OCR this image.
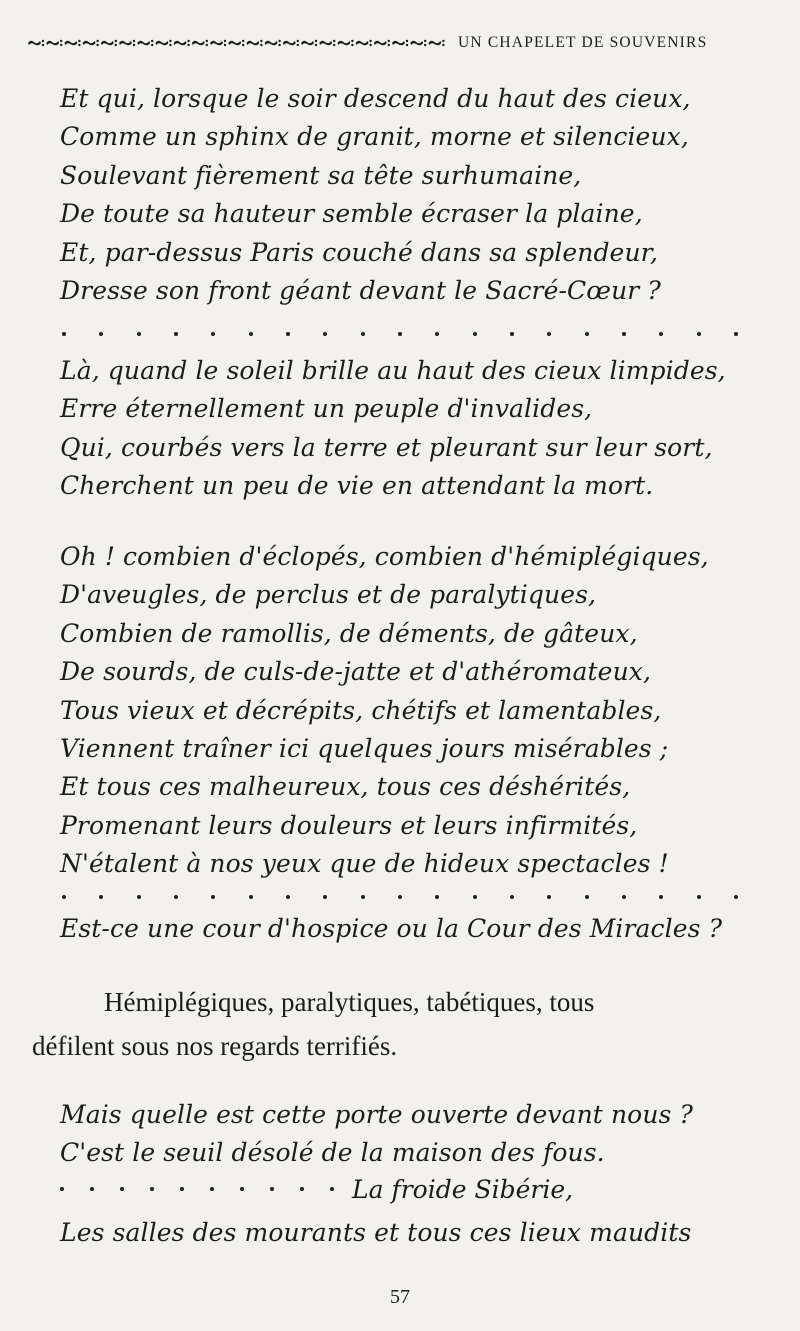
UN CHAPELET DE SOUVENIRS
Et qui, lorsque le soir descend du haut des cieux,
Comme un sphinx de granit, morne et silencieux,
Soulevant fièrement sa tête surhumaine,
De toute sa hauteur semble écraser la plaine,
Et, par-dessus Paris couché dans sa splendeur,
Dresse son front géant devant le Sacré-Cœur ?
Là, quand le soleil brille au haut des cieux limpides,
Erre éternellement un peuple d'invalides,
Qui, courbés vers la terre et pleurant sur leur sort,
Cherchent un peu de vie en attendant la mort.
Oh ! combien d'éclopés, combien d'hémiplégiques,
D'aveugles, de perclus et de paralytiques,
Combien de ramollis, de déments, de gâteux,
De sourds, de culs-de-jatte et d'athéromateux,
Tous vieux et décrépits, chétifs et lamentables,
Viennent traîner ici quelques jours misérables ;
Et tous ces malheureux, tous ces déshérités,
Promenant leurs douleurs et leurs infirmités,
N'étalent à nos yeux que de hideux spectacles !
Est-ce une cour d'hospice ou la Cour des Miracles ?
Hémiplégiques, paralytiques, tabétiques, tous
défilent sous nos regards terrifiés.
Mais quelle est cette porte ouverte devant nous ?
C'est le seuil désolé de la maison des fous.
La froide Sibérie,
Les salles des mourants et tous ces lieux maudits
57
